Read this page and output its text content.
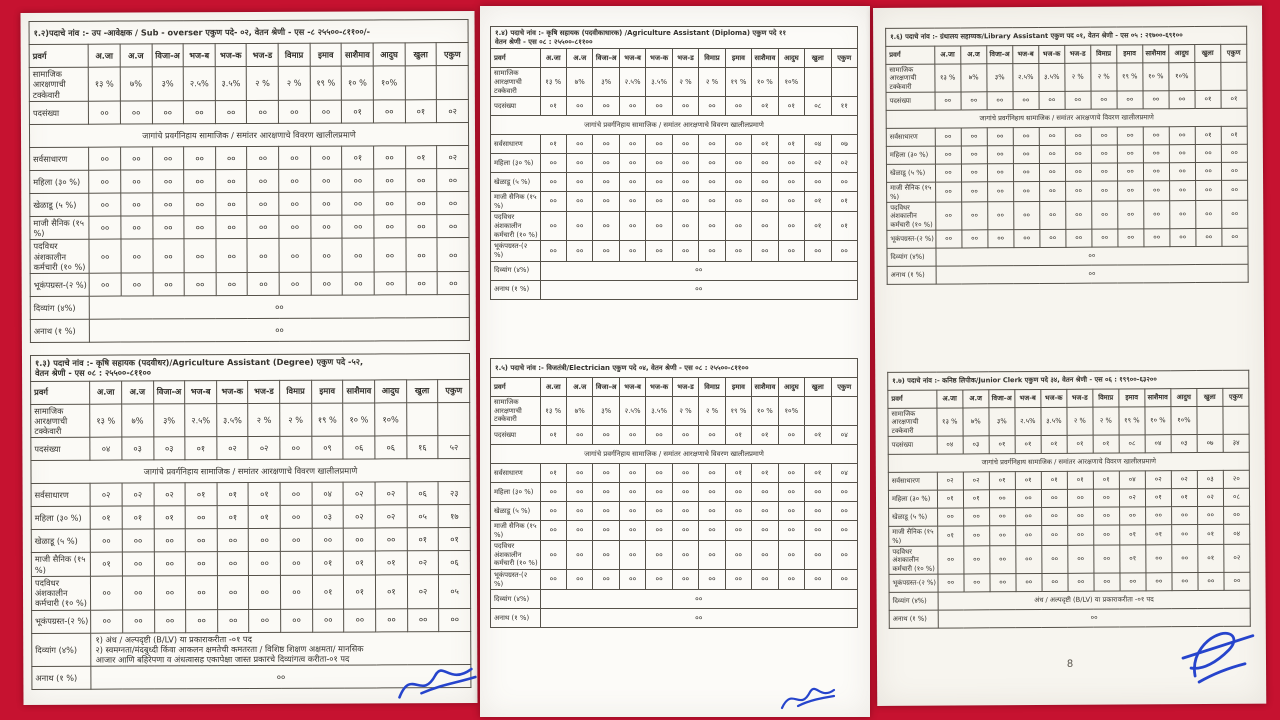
१.२)पदाचे नांव :- उप -आवेक्षक / Sub - overser एकुण पदे- ०२, वेतन श्रेणी - एस -८ २५५००-८११००/-												

प्रवर्ग	अ.जा	अ.ज	विजा-अ	भज-ब	भज-क	भज-ड	विमाप्र	इमाव	साशैमाव	आदुघ	खुला	एकुण
सामाजिक आरक्षणाची टक्केवारी	१३ %	७%	३%	२.५%	३.५%	२ %	२ %	१९ %	१० %	१०%		
पदसंख्या	००	००	००	००	००	००	००	००	०१	००	०१	०२
जागांचे प्रवर्गनिहाय सामाजिक / समांतर आरक्षणाचे विवरण खालीलप्रमाणे												
सर्वसाधारण	००	००	००	००	००	००	००	००	०१	००	०१	०२
महिला (३० %)	००	००	००	००	००	००	००	००	००	००	००	००
खेळाडू (५ %)	००	००	००	००	००	००	००	००	००	००	००	००
माजी सैनिक (१५ %)	००	००	००	००	००	००	००	००	००	००	००	००
पदविधर अंशकालीन कर्मचारी (१० %)	००	००	००	००	००	००	००	००	००	००	००	००
भूकंपग्रस्त-(२ %)	००	००	००	००	००	००	००	००	००	००	००	००
दिव्यांग (४%)	००											
अनाथ (१ %)	००											
१.३) पदाचे नांव :- कृषि सहायक (पदवीधर)/Agriculture Assistant (Degree) एकुण पदे -५२,
वेतन श्रेणी - एस ०८ : २५५००-८११००												

प्रवर्ग	अ.जा	अ.ज	विजा-अ	भज-ब	भज-क	भज-ड	विमाप्र	इमाव	साशैमाव	आदुघ	खुला	एकुण
सामाजिक आरक्षणाची टक्केवारी	१३ %	७%	३%	२.५%	३.५%	२ %	२ %	१९ %	१० %	१०%		
पदसंख्या	०४	०३	०३	०१	०२	०२	००	०९	०६	०६	१६	५२
जागांचे प्रवर्गनिहाय सामाजिक / समांतर आरक्षणाचे विवरण खालीलप्रमाणे												
सर्वसाधारण	०२	०२	०२	०१	०१	०१	००	०४	०२	०२	०६	२३
महिला (३० %)	०१	०१	०१	००	०१	०१	००	०३	०२	०२	०५	१७
खेळाडू (५ %)	००	००	००	००	००	००	००	००	००	००	०१	०१
माजी सैनिक (१५ %)	०१	००	००	००	००	००	००	०१	०१	०१	०२	०६
पदविधर अंशकालीन कर्मचारी (१० %)	००	००	००	००	००	००	००	०१	०१	०१	०२	०५
भूकंपग्रस्त-(२ %)	००	००	००	००	००	००	००	००	००	००	००	००
दिव्यांग (४%)	१) अंध / अल्पदृष्टी (B/LV) या प्रकाराकरीता -०१ पद
२) स्वमग्नता/मंदबुध्दी किंवा आकलन क्षमतेची कमतरता / विशिष्ठ शिक्षण अक्षमता/ मानसिक
आजार आणि बहिरेपणा व अंधत्वासह एकापेक्षा जास्त प्रकारचे दिव्यांगत्व करीता-०१ पद											

अनाथ (१ %)	००											
१.४) पदाचे नांव :- कृषि सहायक (पदवीकाधारक) /Agriculture Assistant (Diploma) एकुण पदे ११
वेतन श्रेणी - एस ०८ : २५५००-८११००												

प्रवर्ग	अ.जा	अ.ज	विजा-अ	भज-ब	भज-क	भज-ड	विमाप्र	इमाव	साशैमाव	आदुघ	खुला	एकुण
सामाजिक आरक्षणाची टक्केवारी	१३ %	७%	३%	२.५%	३.५%	२ %	२ %	१९ %	१० %	१०%		
पदसंख्या	०१	००	००	००	००	००	००	००	०१	०१	०८	११
जागांचे प्रवर्गनिहाय सामाजिक / समांतर आरक्षणाचे विवरण खालीलप्रमाणे												
सर्वसाधारण	०१	००	००	००	००	००	००	००	०१	०१	०४	०७
महिला (३० %)	००	००	००	००	००	००	००	००	००	००	०२	०२
खेळाडू (५ %)	००	००	००	००	००	००	००	००	००	००	००	००
माजी सैनिक (१५ %)	००	००	००	००	००	००	००	००	००	००	०१	०१
पदविधर अंशकालीन कर्मचारी (१० %)	००	००	००	००	००	००	००	००	००	००	०१	०१
भूकंपग्रस्त-(२ %)	००	००	००	००	००	००	००	००	००	००	००	००
दिव्यांग (४%)	००											
अनाथ (१ %)	००											
१.५) पदाचे नांव :- विजतंत्री/Electrician एकुण पदे ०४, वेतन श्रेणी - एस ०८ : २५५००-८११००												

प्रवर्ग	अ.जा	अ.ज	विजा-अ	भज-ब	भज-क	भज-ड	विमाप्र	इमाव	साशैमाव	आदुघ	खुला	एकुण
सामाजिक आरक्षणाची टक्केवारी	१३ %	७%	३%	२.५%	३.५%	२ %	२ %	१९ %	१० %	१०%		
पदसंख्या	०१	००	००	००	००	००	००	०१	०१	००	०१	०४
जागांचे प्रवर्गनिहाय सामाजिक / समांतर आरक्षणाचे विवरण खालीलप्रमाणे												
सर्वसाधारण	०१	००	००	००	००	००	००	०१	०१	००	०१	०४
महिला (३० %)	००	००	००	००	००	००	००	००	००	००	००	००
खेळाडू (५ %)	००	००	००	००	००	००	००	००	००	००	००	००
माजी सैनिक (१५ %)	००	००	००	००	००	००	००	००	००	००	००	००
पदविधर अंशकालीन कर्मचारी (१० %)	००	००	००	००	००	००	००	००	००	००	००	००
भूकंपग्रस्त-(२ %)	००	००	००	००	००	००	००	००	००	००	००	००
दिव्यांग (४%)	००											
अनाथ (१ %)	००											
१.६) पदाचे नांव :- ग्रंथालय सहाय्यक/Library Assistant एकुण पद ०१, वेतन श्रेणी - एस ०५ : २१७००-६९१००												

प्रवर्ग	अ.जा	अ.ज	विजा-अ	भज-ब	भज-क	भज-ड	विमाप्र	इमाव	साशैमाव	आदुघ	खुला	एकुण
सामाजिक आरक्षणाची टक्केवारी	१३ %	७%	३%	२.५%	३.५%	२ %	२ %	१९ %	१० %	१०%		
पदसंख्या	००	००	००	००	००	००	००	००	००	००	०१	०१
जागांचे प्रवर्गनिहाय सामाजिक / समांतर आरक्षणाचे विवरण खालीलप्रमाणे												
सर्वसाधारण	००	००	००	००	००	००	००	००	००	००	०१	०१
महिला (३० %)	००	००	००	००	००	००	००	००	००	००	००	००
खेळाडू (५ %)	००	००	००	००	००	००	००	००	००	००	००	००
माजी सैनिक (१५ %)	००	००	००	००	००	००	००	००	००	००	००	००
पदविधर अंशकालीन कर्मचारी (१० %)	००	००	००	००	००	००	००	००	००	००	००	००
भूकंपग्रस्त-(२ %)	००	००	००	००	००	००	००	००	००	००	००	००
दिव्यांग (४%)	००											
अनाथ (१ %)	००											
१.७) पदाचे नांव :- कनिष्ठ लिपीक/Junior Clerk एकुण पदे ३४, वेतन श्रेणी - एस ०६ : १९९००-६३२००												

प्रवर्ग	अ.जा	अ.ज	विजा-अ	भज-ब	भज-क	भज-ड	विमाप्र	इमाव	साशैमाव	आदुघ	खुला	एकुण
सामाजिक आरक्षणाची टक्केवारी	१३ %	७%	३%	२.५%	३.५%	२ %	२ %	१९ %	१० %	१०%		
पदसंख्या	०४	०३	०१	०१	०१	०१	०१	०८	०४	०३	०७	३४
जागांचे प्रवर्गनिहाय सामाजिक / समांतर आरक्षणाचे विवरण खालीलप्रमाणे												
सर्वसाधारण	०२	०२	०१	०१	०१	०१	०१	०४	०२	०२	०३	२०
महिला (३० %)	०१	०१	००	००	००	००	००	०२	०१	०१	०२	०८
खेळाडू (५ %)	००	००	००	००	००	००	००	००	००	००	००	००
माजी सैनिक (१५ %)	०१	००	००	००	००	००	००	०१	०१	००	०१	०४
पदविधर अंशकालीन कर्मचारी (१० %)	००	००	००	००	००	००	००	०१	००	००	०१	०२
भूकंपग्रस्त-(२ %)	००	००	००	००	००	००	००	००	००	००	००	००
दिव्यांग (४%)	अंध / अल्पदृष्टी (B/LV) या प्रकाराकरीता -०१ पद											
अनाथ (१ %)	००											
8
